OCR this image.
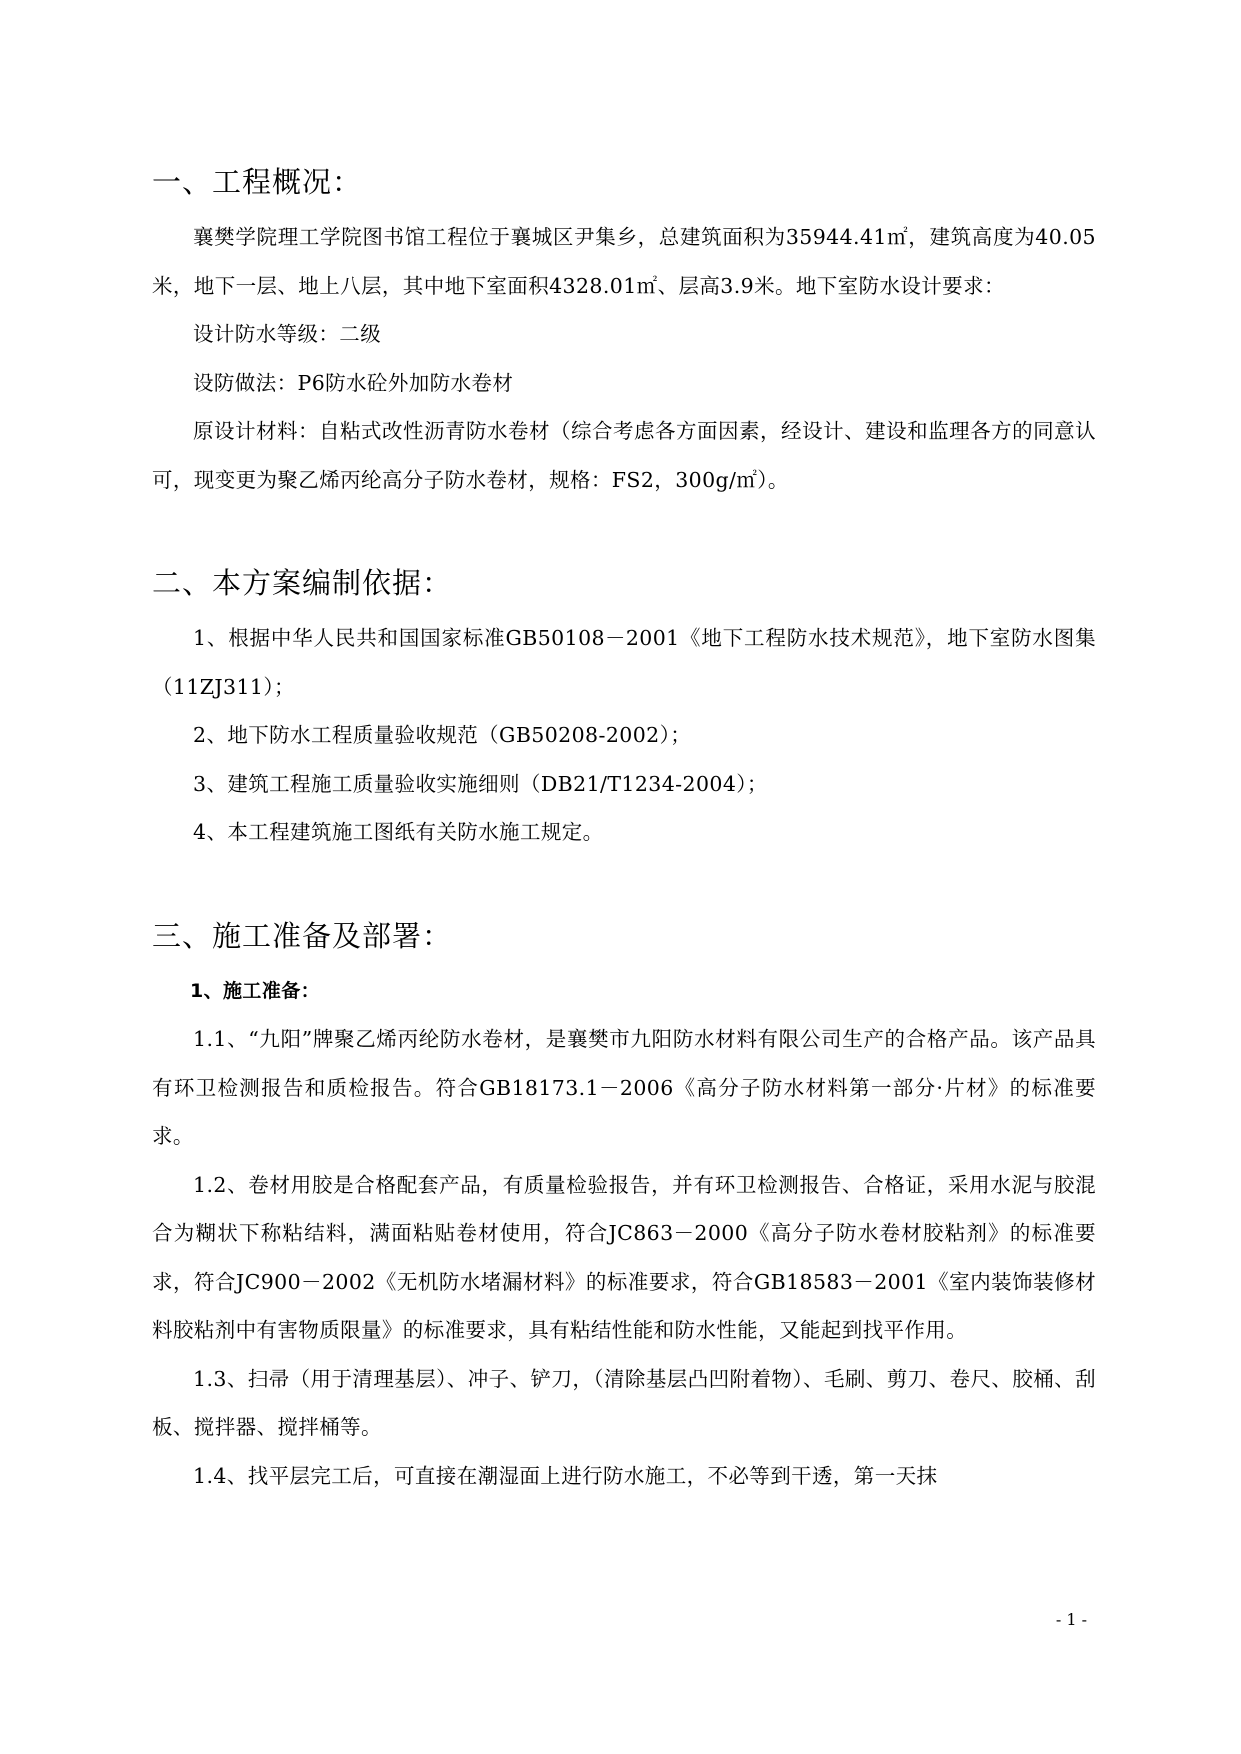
一、工程概况：

襄樊学院理工学院图书馆工程位于襄城区尹集乡，总建筑面积为35944.41㎡，建筑高度为40.05米，地下一层、地上八层，其中地下室面积4328.01㎡、层高3.9米。地下室防水设计要求：

设计防水等级：二级

设防做法：P6防水砼外加防水卷材

原设计材料：自粘式改性沥青防水卷材（综合考虑各方面因素，经设计、建设和监理各方的同意认可，现变更为聚乙烯丙纶高分子防水卷材，规格：FS2，300g/㎡）。

二、本方案编制依据：

1、根据中华人民共和国国家标准GB50108－2001《地下工程防水技术规范》，地下室防水图集（11ZJ311）；

2、地下防水工程质量验收规范（GB50208-2002）；

3、建筑工程施工质量验收实施细则（DB21/T1234-2004）；

4、本工程建筑施工图纸有关防水施工规定。

三、施工准备及部署：

1、施工准备：

1.1、“九阳”牌聚乙烯丙纶防水卷材，是襄樊市九阳防水材料有限公司生产的合格产品。该产品具有环卫检测报告和质检报告。符合GB18173.1－2006《高分子防水材料第一部分·片材》的标准要求。

1.2、卷材用胶是合格配套产品，有质量检验报告，并有环卫检测报告、合格证，采用水泥与胶混合为糊状下称粘结料，满面粘贴卷材使用，符合JC863－2000《高分子防水卷材胶粘剂》的标准要求，符合JC900－2002《无机防水堵漏材料》的标准要求，符合GB18583－2001《室内装饰装修材料胶粘剂中有害物质限量》的标准要求，具有粘结性能和防水性能，又能起到找平作用。

1.3、扫帚（用于清理基层）、冲子、铲刀，（清除基层凸凹附着物）、毛刷、剪刀、卷尺、胶桶、刮板、搅拌器、搅拌桶等。

1.4、找平层完工后，可直接在潮湿面上进行防水施工，不必等到干透，第一天抹

- 1 -
